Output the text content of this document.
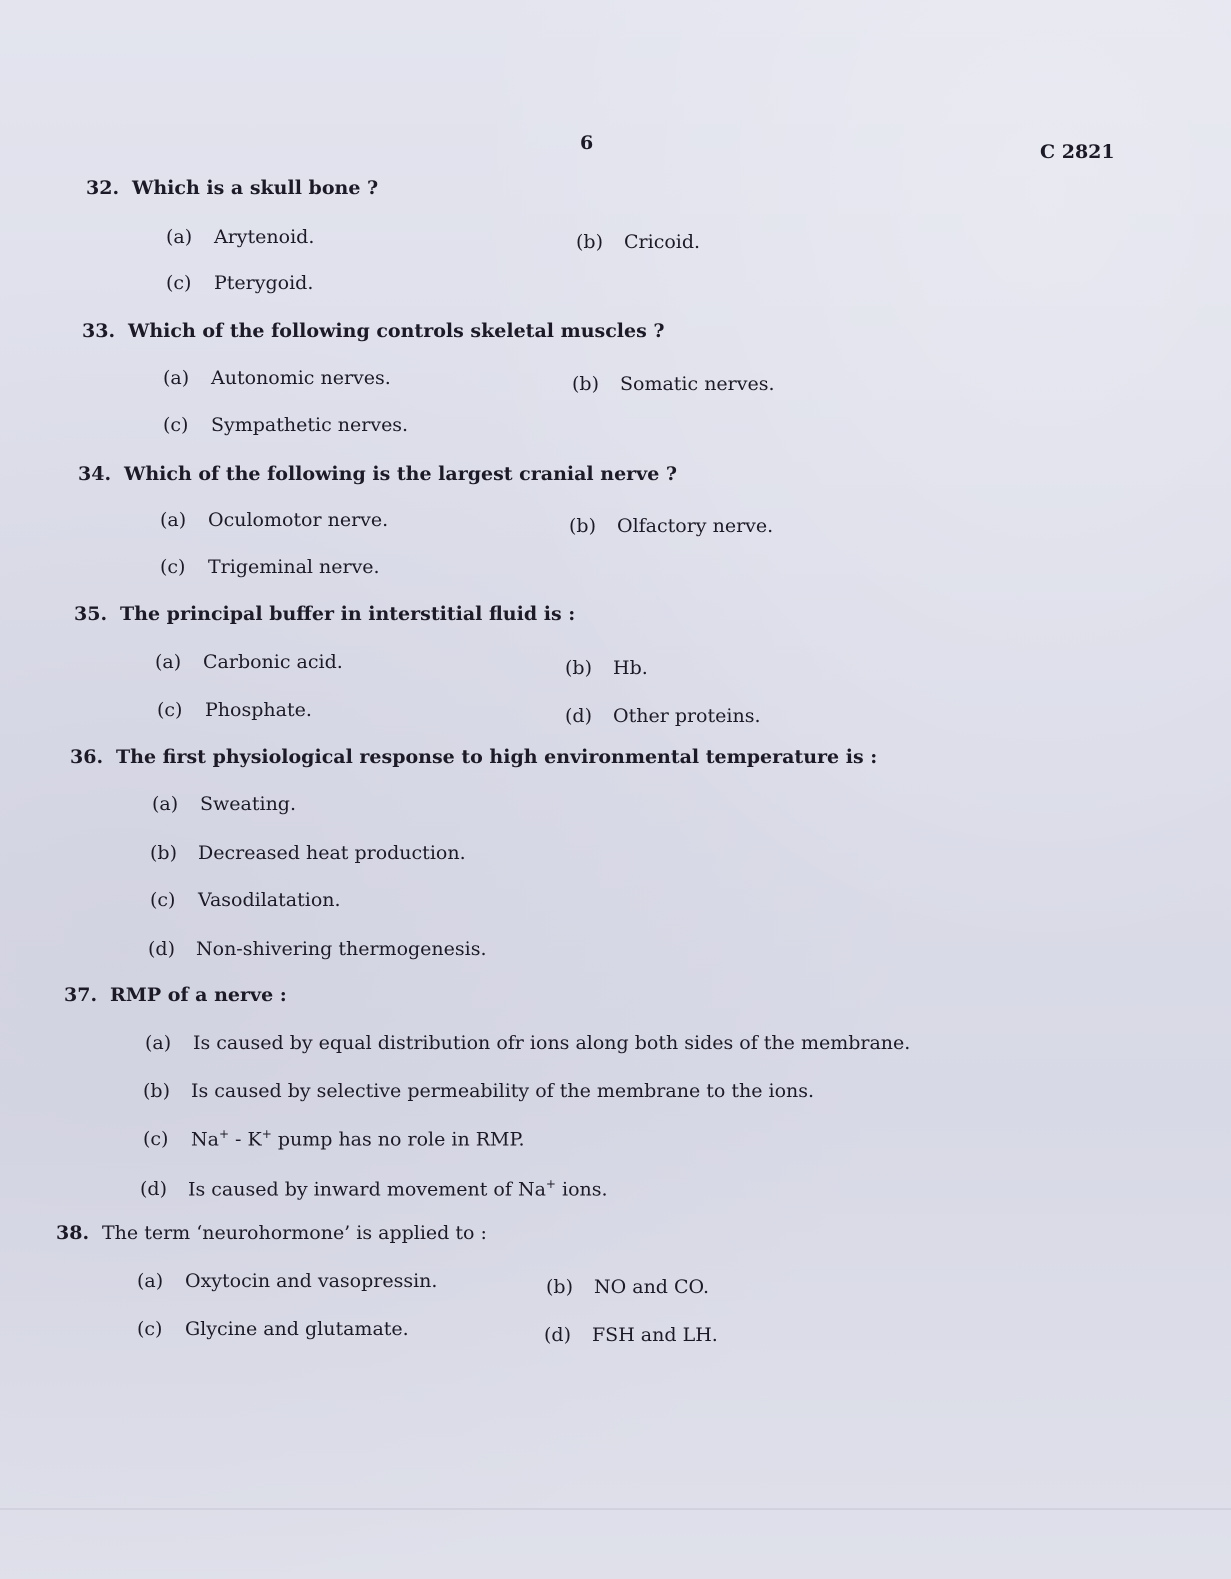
6	C 2821
32. Which is a skull bone ?
(a) Arytenoid.	(b) Cricoid.
(c) Pterygoid.
33. Which of the following controls skeletal muscles ?
(a) Autonomic nerves.	(b) Somatic nerves.
(c) Sympathetic nerves.
34. Which of the following is the largest cranial nerve ?
(a) Oculomotor nerve.	(b) Olfactory nerve.
(c) Trigeminal nerve.
35. The principal buffer in interstitial fluid is :
(a) Carbonic acid.	(b) Hb.
(c) Phosphate.	(d) Other proteins.
36. The first physiological response to high environmental temperature is :
(a) Sweating.
(b) Decreased heat production.
(c) Vasodilatation.
(d) Non-shivering thermogenesis.
37. RMP of a nerve :
(a) Is caused by equal distribution ofr ions along both sides of the membrane.
(b) Is caused by selective permeability of the membrane to the ions.
(c) Na+ - K+ pump has no role in RMP.
(d) Is caused by inward movement of Na+ ions.
38. The term ‘neurohormone’ is applied to :
(a) Oxytocin and vasopressin.	(b) NO and CO.
(c) Glycine and glutamate.	(d) FSH and LH.
